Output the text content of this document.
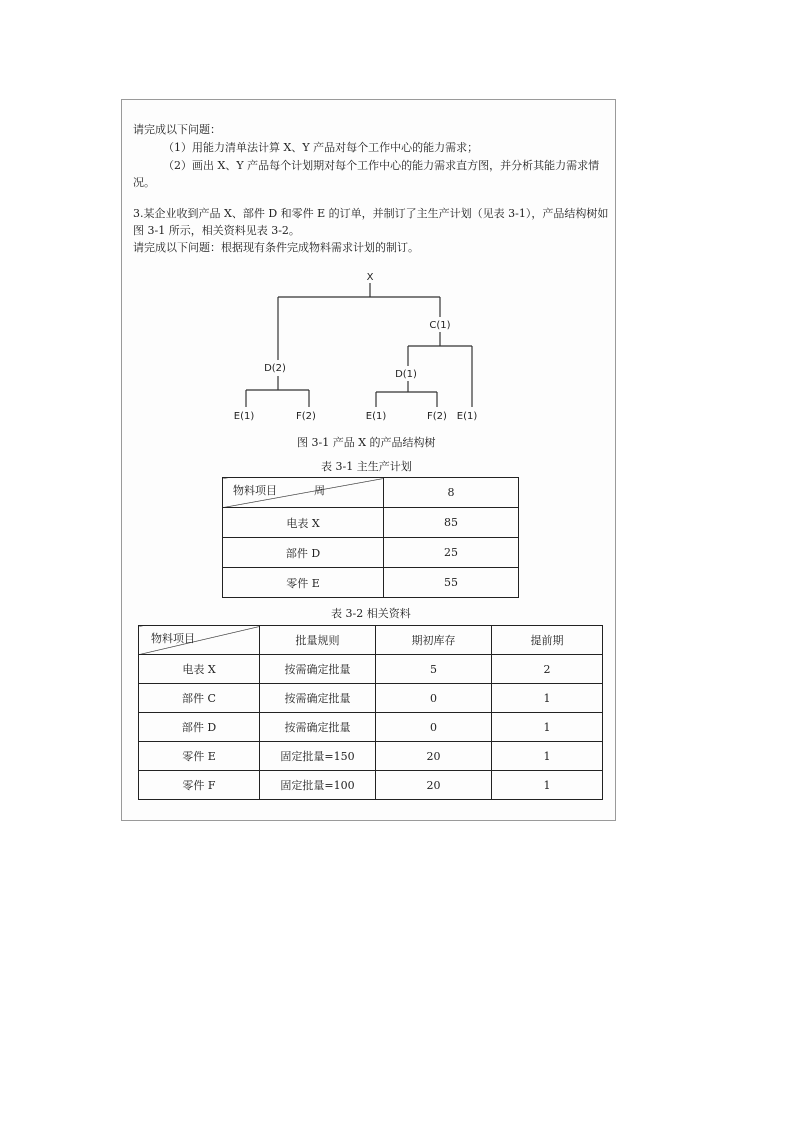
请完成以下问题：
（1）用能力清单法计算 X、Y 产品对每个工作中心的能力需求；
（2）画出 X、Y 产品每个计划期对每个工作中心的能力需求直方图，并分析其能力需求情
况。
3.某企业收到产品 X、部件 D 和零件 E 的订单，并制订了主生产计划（见表 3-1），产品结构树如
图 3-1 所示，相关资料见表 3-2。
请完成以下问题：根据现有条件完成物料需求计划的制订。
X
C(1)
D(2)
D(1)
E(1)	F(2)	E(1)	F(2) E(1)
图 3-1 产品 X 的产品结构树
表 3-1 主生产计划
物料项目 周	8
电表 X	85
部件 D	25
零件 E	55
表 3-2 相关资料
物料项目	批量规则	期初库存	提前期
电表 X	按需确定批量	5	2
部件 C	按需确定批量	0	1
部件 D	按需确定批量	0	1
零件 E	固定批量=150	20	1
零件 F	固定批量=100	20	1
